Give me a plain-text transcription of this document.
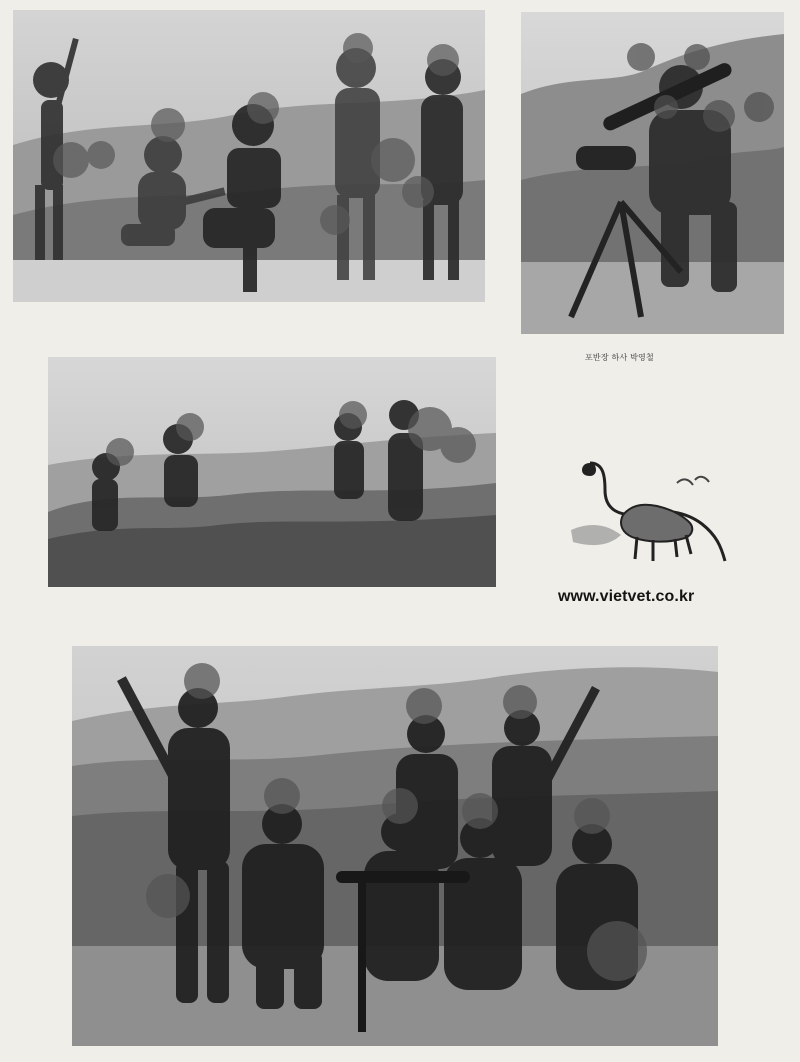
포반장 하사 박영철
www.vietvet.co.kr
